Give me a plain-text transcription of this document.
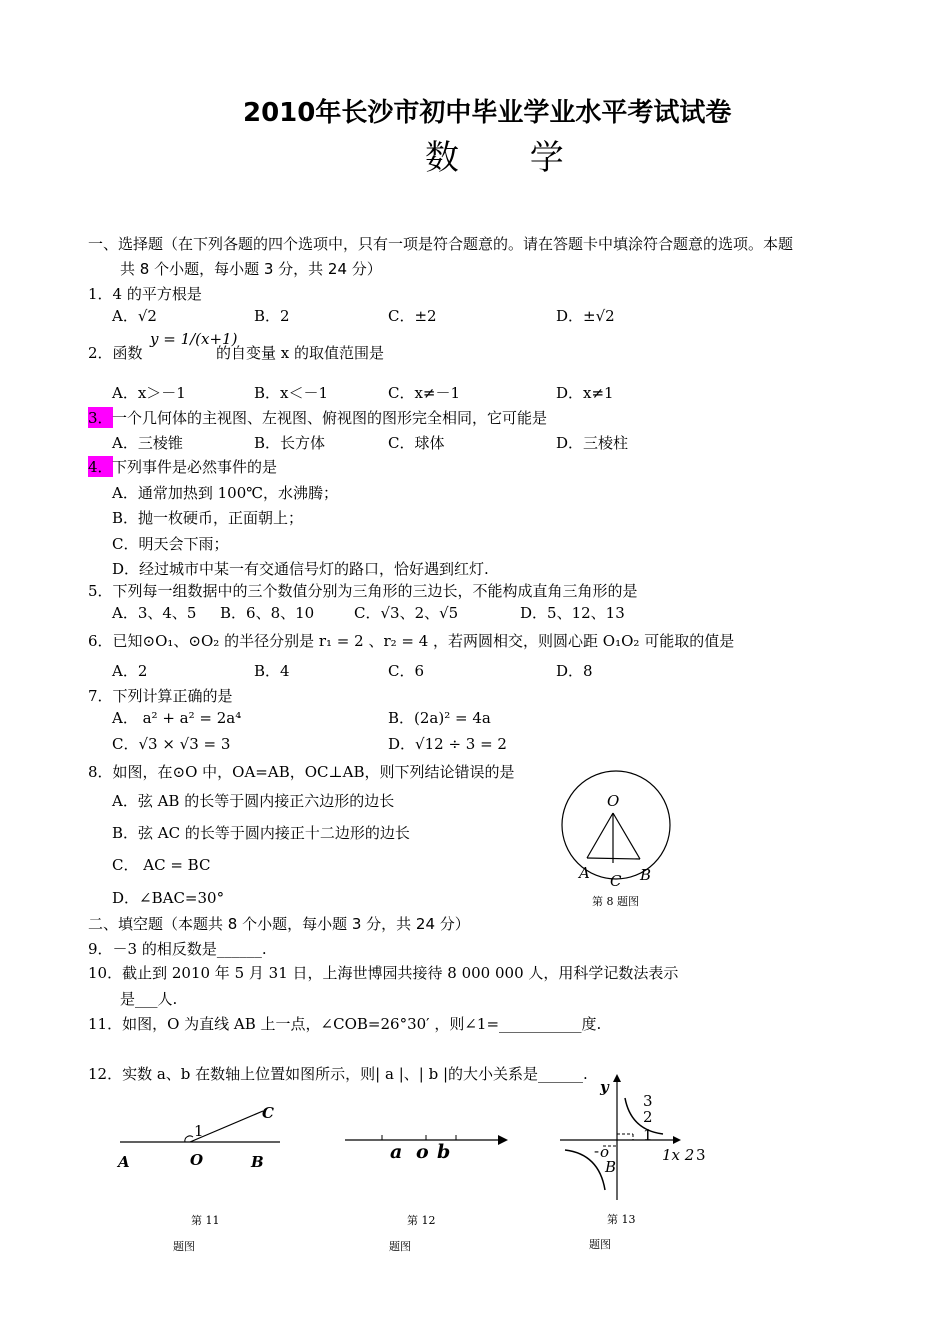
2010年长沙市初中毕业学业水平考试试卷
数 学
一、选择题（在下列各题的四个选项中，只有一项是符合题意的。请在答题卡中填涂符合题意的选项。本题
共 8 个小题，每小题 3 分，共 24 分）
1．4 的平方根是
A．√2	B．2	C．±2	D．±√2
2．函数
y = 1/(x+1)
的自变量 x 的取值范围是
A．x＞－1	B．x＜－1	C．x≠－1	D．x≠1
3． 一个几何体的主视图、左视图、俯视图的图形完全相同，它可能是
A．三棱锥	B．长方体	C．球体	D．三棱柱
4． 下列事件是必然事件的是
A．通常加热到 100℃，水沸腾；
B．抛一枚硬币，正面朝上；
C．明天会下雨；
D．经过城市中某一有交通信号灯的路口，恰好遇到红灯.
5．下列每一组数据中的三个数值分别为三角形的三边长，不能构成直角三角形的是
A．3、4、5 B．6、8、10	C．√3、2、√5	D．5、12、13
6．已知⊙O₁、⊙O₂ 的半径分别是 r₁ = 2 、r₂ = 4 ，若两圆相交，则圆心距 O₁O₂ 可能取的值是
A．2	B．4	C．6	D．8
7．下列计算正确的是
A． a² + a² = 2a⁴	B．(2a)² = 4a
C．√3 × √3 = 3	D．√12 ÷ 3 = 2
8．如图，在⊙O 中，OA=AB，OC⊥AB，则下列结论错误的是
A．弦 AB 的长等于圆内接正六边形的边长
B．弦 AC 的长等于圆内接正十二边形的边长
C． AC = BC
D．∠BAC=30°
O
A C B
第 8 题图
二、填空题（本题共 8 个小题，每小题 3 分，共 24 分）
9．－3 的相反数是______.
10．截止到 2010 年 5 月 31 日，上海世博园共接待 8 000 000 人，用科学记数法表示
是___人.
11．如图，O 为直线 AB 上一点，∠COB=26°30′ ，则∠1=___________度.
12．实数 a、b 在数轴上位置如图所示，则| a |、| b |的大小关系是______.
C
1
A	O	B
第 11
题图
a o b
第 12
题图
y
3
2
1
- o	1x 2 3
B
第 13
题图
